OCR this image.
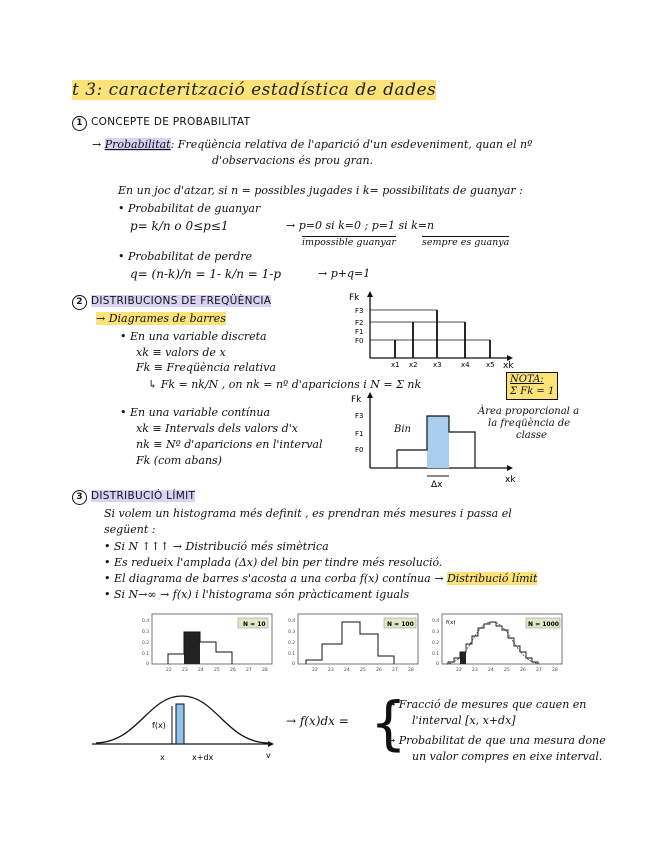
t 3: caracterització estadística de dades
1 CONCEPTE DE PROBABILITAT
→ Probabilitat: Freqüència relativa de l'aparició d'un esdeveniment, quan el nº
d'observacions és prou gran.
En un joc d'atzar, si n = possibles jugades i k= possibilitats de guanyar :
• Probabilitat de guanyar
p= k/n o 0≤p≤1	→ p=0 si k=0 ; p=1 si k=n
impossible guanyar	sempre es guanya
• Probabilitat de perdre
q= (n-k)/n = 1- k/n = 1-p	→ p+q=1
2 DISTRIBUCIONS DE FREQÜÈNCIA
→ Diagrames de barres
• En una variable discreta
xk ≡ valors de x
Fk ≡ Freqüència relativa
↳ Fk = nk/N , on nk = nº d'aparicions i N = Σ nk	NOTA:
Σ Fk = 1
Fk
xk
F3
F2
F1
F0
x1 x2 x3	x4 x5
• En una variable contínua
xk ≡ Intervals dels valors d'x
nk ≡ Nº d'aparicions en l'interval
Fk (com abans)
Fk
xk
F3
F1
F0
Δx
Bin
Àrea proporcional a
la freqüència de
classe
3 DISTRIBUCIÓ LÍMIT
Si volem un histograma més definit , es prendran més mesures i passa el
següent :
• Si N ↑↑↑ → Distribució més simètrica
• Es redueix l'amplada (Δx) del bin per tindre més resolució.
• El diagrama de barres s'acosta a una corba f(x) contínua → Distribució límit
• Si N→∞ → f(x) i l'histograma són pràcticament iguals
0.4
0.3
0.2
0.1
0
N = 10
22 23 24 25 26 27 28
0.4
0.3
0.2
0.1
0
N = 100
22 23 24 25 26 27 28
0.4
0.3
0.2
0.1
0
f(x)	N = 1000
22 23 24 25 26 27 28
f(x)
x	x+dx	v
→ f(x)dx = {
→ Fracció de mesures que cauen en
l'interval [x, x+dx]
→ Probabilitat de que una mesura done
un valor compres en eixe interval.
